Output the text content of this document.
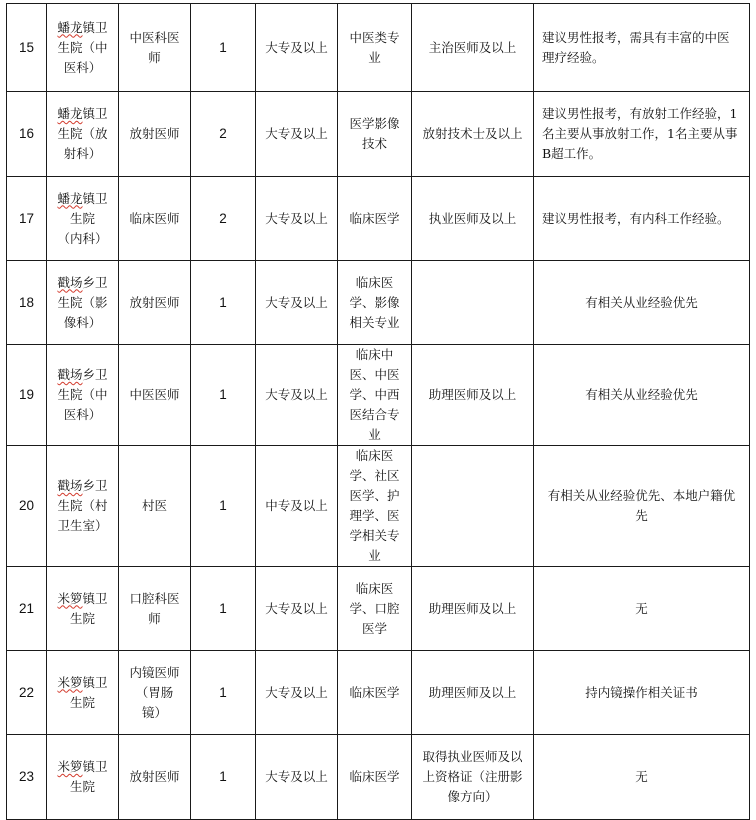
15	蟠龙镇卫生院（中医科）	中医科医师	1	大专及以上	中医类专业	主治医师及以上	建议男性报考，需具有丰富的中医理疗经验。
16	蟠龙镇卫生院（放射科）	放射医师	2	大专及以上	医学影像技术	放射技术士及以上	建议男性报考，有放射工作经验，1名主要从事放射工作，1名主要从事B超工作。
17	蟠龙镇卫生院 （内科）	临床医师	2	大专及以上	临床医学	执业医师及以上	建议男性报考，有内科工作经验。
18	戳场乡卫生院（影像科）	放射医师	1	大专及以上	临床医学、影像相关专业		有相关从业经验优先
19	戳场乡卫生院（中医科）	中医医师	1	大专及以上	临床中医、中医学、中西医结合专业	助理医师及以上	有相关从业经验优先
20	戳场乡卫生院（村卫生室）	村医	1	中专及以上	临床医学、社区医学、护理学、医学相关专业		有相关从业经验优先、本地户籍优先
21	米箩镇卫生院	口腔科医师	1	大专及以上	临床医学、口腔医学	助理医师及以上	无
22	米箩镇卫生院	内镜医师（胃肠镜）	1	大专及以上	临床医学	助理医师及以上	持内镜操作相关证书
23	米箩镇卫生院	放射医师	1	大专及以上	临床医学	取得执业医师及以上资格证（注册影像方向）	无
